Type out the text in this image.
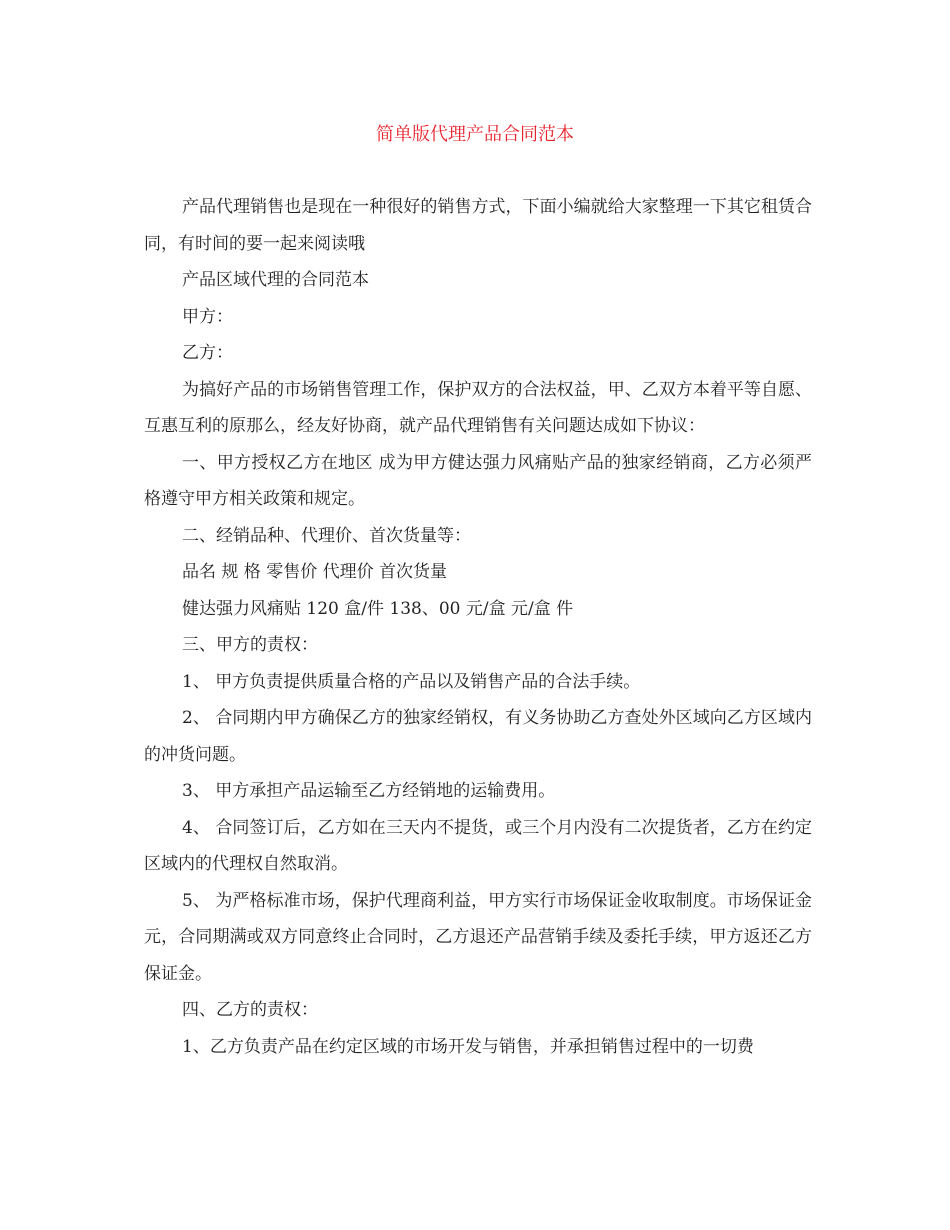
简单版代理产品合同范本

产品代理销售也是现在一种很好的销售方式，下面小编就给大家整理一下其它租赁合同，有时间的要一起来阅读哦

产品区域代理的合同范本

甲方：

乙方：

为搞好产品的市场销售管理工作，保护双方的合法权益，甲、乙双方本着平等自愿、互惠互利的原那么，经友好协商，就产品代理销售有关问题达成如下协议：

一、甲方授权乙方在地区 成为甲方健达强力风痛贴产品的独家经销商，乙方必须严格遵守甲方相关政策和规定。

二、经销品种、代理价、首次货量等：

品名 规 格 零售价 代理价 首次货量

健达强力风痛贴 120 盒/件 138、00 元/盒 元/盒 件

三、甲方的责权：

1、 甲方负责提供质量合格的产品以及销售产品的合法手续。

2、 合同期内甲方确保乙方的独家经销权，有义务协助乙方查处外区域向乙方区域内的冲货问题。

3、 甲方承担产品运输至乙方经销地的运输费用。

4、 合同签订后，乙方如在三天内不提货，或三个月内没有二次提货者，乙方在约定区域内的代理权自然取消。

5、 为严格标准市场，保护代理商利益，甲方实行市场保证金收取制度。市场保证金 元，合同期满或双方同意终止合同时，乙方退还产品营销手续及委托手续，甲方返还乙方保证金。

四、乙方的责权：

1、乙方负责产品在约定区域的市场开发与销售，并承担销售过程中的一切费
